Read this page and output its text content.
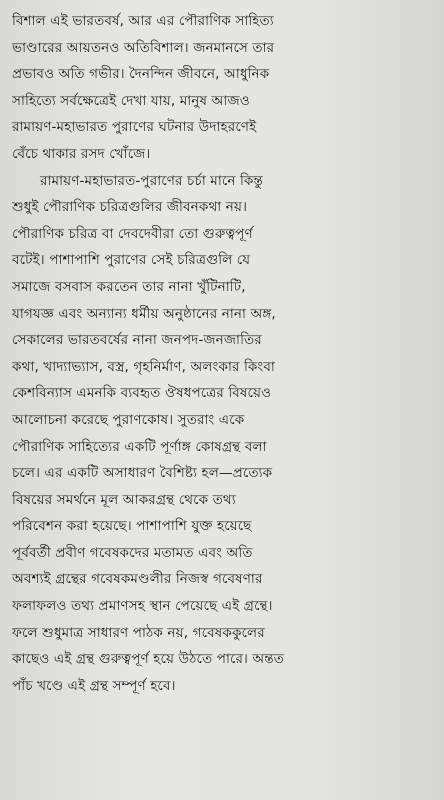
বিশাল এই ভারতবর্ষ, আর এর পৌরাণিক সাহিত্য
ভাণ্ডারের আয়তনও অতিবিশাল। জনমানসে তার
প্রভাবও অতি গভীর। দৈনন্দিন জীবনে, আধুনিক
সাহিত্যে সর্বক্ষেত্রেই দেখা যায়, মানুষ আজও
রামায়ণ-মহাভারত পুরাণের ঘটনার উদাহরণেই
বেঁচে থাকার রসদ খোঁজে।

রামায়ণ-মহাভারত-পুরাণের চর্চা মানে কিন্তু
শুধুই পৌরাণিক চরিত্রগুলির জীবনকথা নয়।
পৌরাণিক চরিত্র বা দেবদেবীরা তো গুরুত্বপূর্ণ
বটেই। পাশাপাশি পুরাণের সেই চরিত্রগুলি যে
সমাজে বসবাস করতেন তার নানা খুঁটিনাটি,
যাগযজ্ঞ এবং অন্যান্য ধর্মীয় অনুষ্ঠানের নানা অঙ্গ,
সেকালের ভারতবর্ষের নানা জনপদ-জনজাতির
কথা, খাদ্যাভ্যাস, বস্ত্র, গৃহনির্মাণ, অলংকার কিংবা
কেশবিন্যাস এমনকি ব্যবহৃত ঔষধপত্রের বিষয়েও
আলোচনা করেছে পুরাণকোষ। সুতরাং একে
পৌরাণিক সাহিত্যের একটি পূর্ণাঙ্গ কোষগ্রন্থ বলা
চলে। এর একটি অসাধারণ বৈশিষ্ট্য হল—প্রত্যেক
বিষয়ের সমর্থনে মূল আকরগ্রন্থ থেকে তথ্য
পরিবেশন করা হয়েছে। পাশাপাশি যুক্ত হয়েছে
পূর্ববর্তী প্রবীণ গবেষকদের মতামত এবং অতি
অবশ্যই গ্রন্থের গবেষকমণ্ডলীর নিজস্ব গবেষণার
ফলাফলও তথ্য প্রমাণসহ স্থান পেয়েছে এই গ্রন্থে।
ফলে শুধুমাত্র সাধারণ পাঠক নয়, গবেষককুলের
কাছেও এই গ্রন্থ গুরুত্বপূর্ণ হয়ে উঠতে পারে। অন্তত
পাঁচ খণ্ডে এই গ্রন্থ সম্পূর্ণ হবে।
